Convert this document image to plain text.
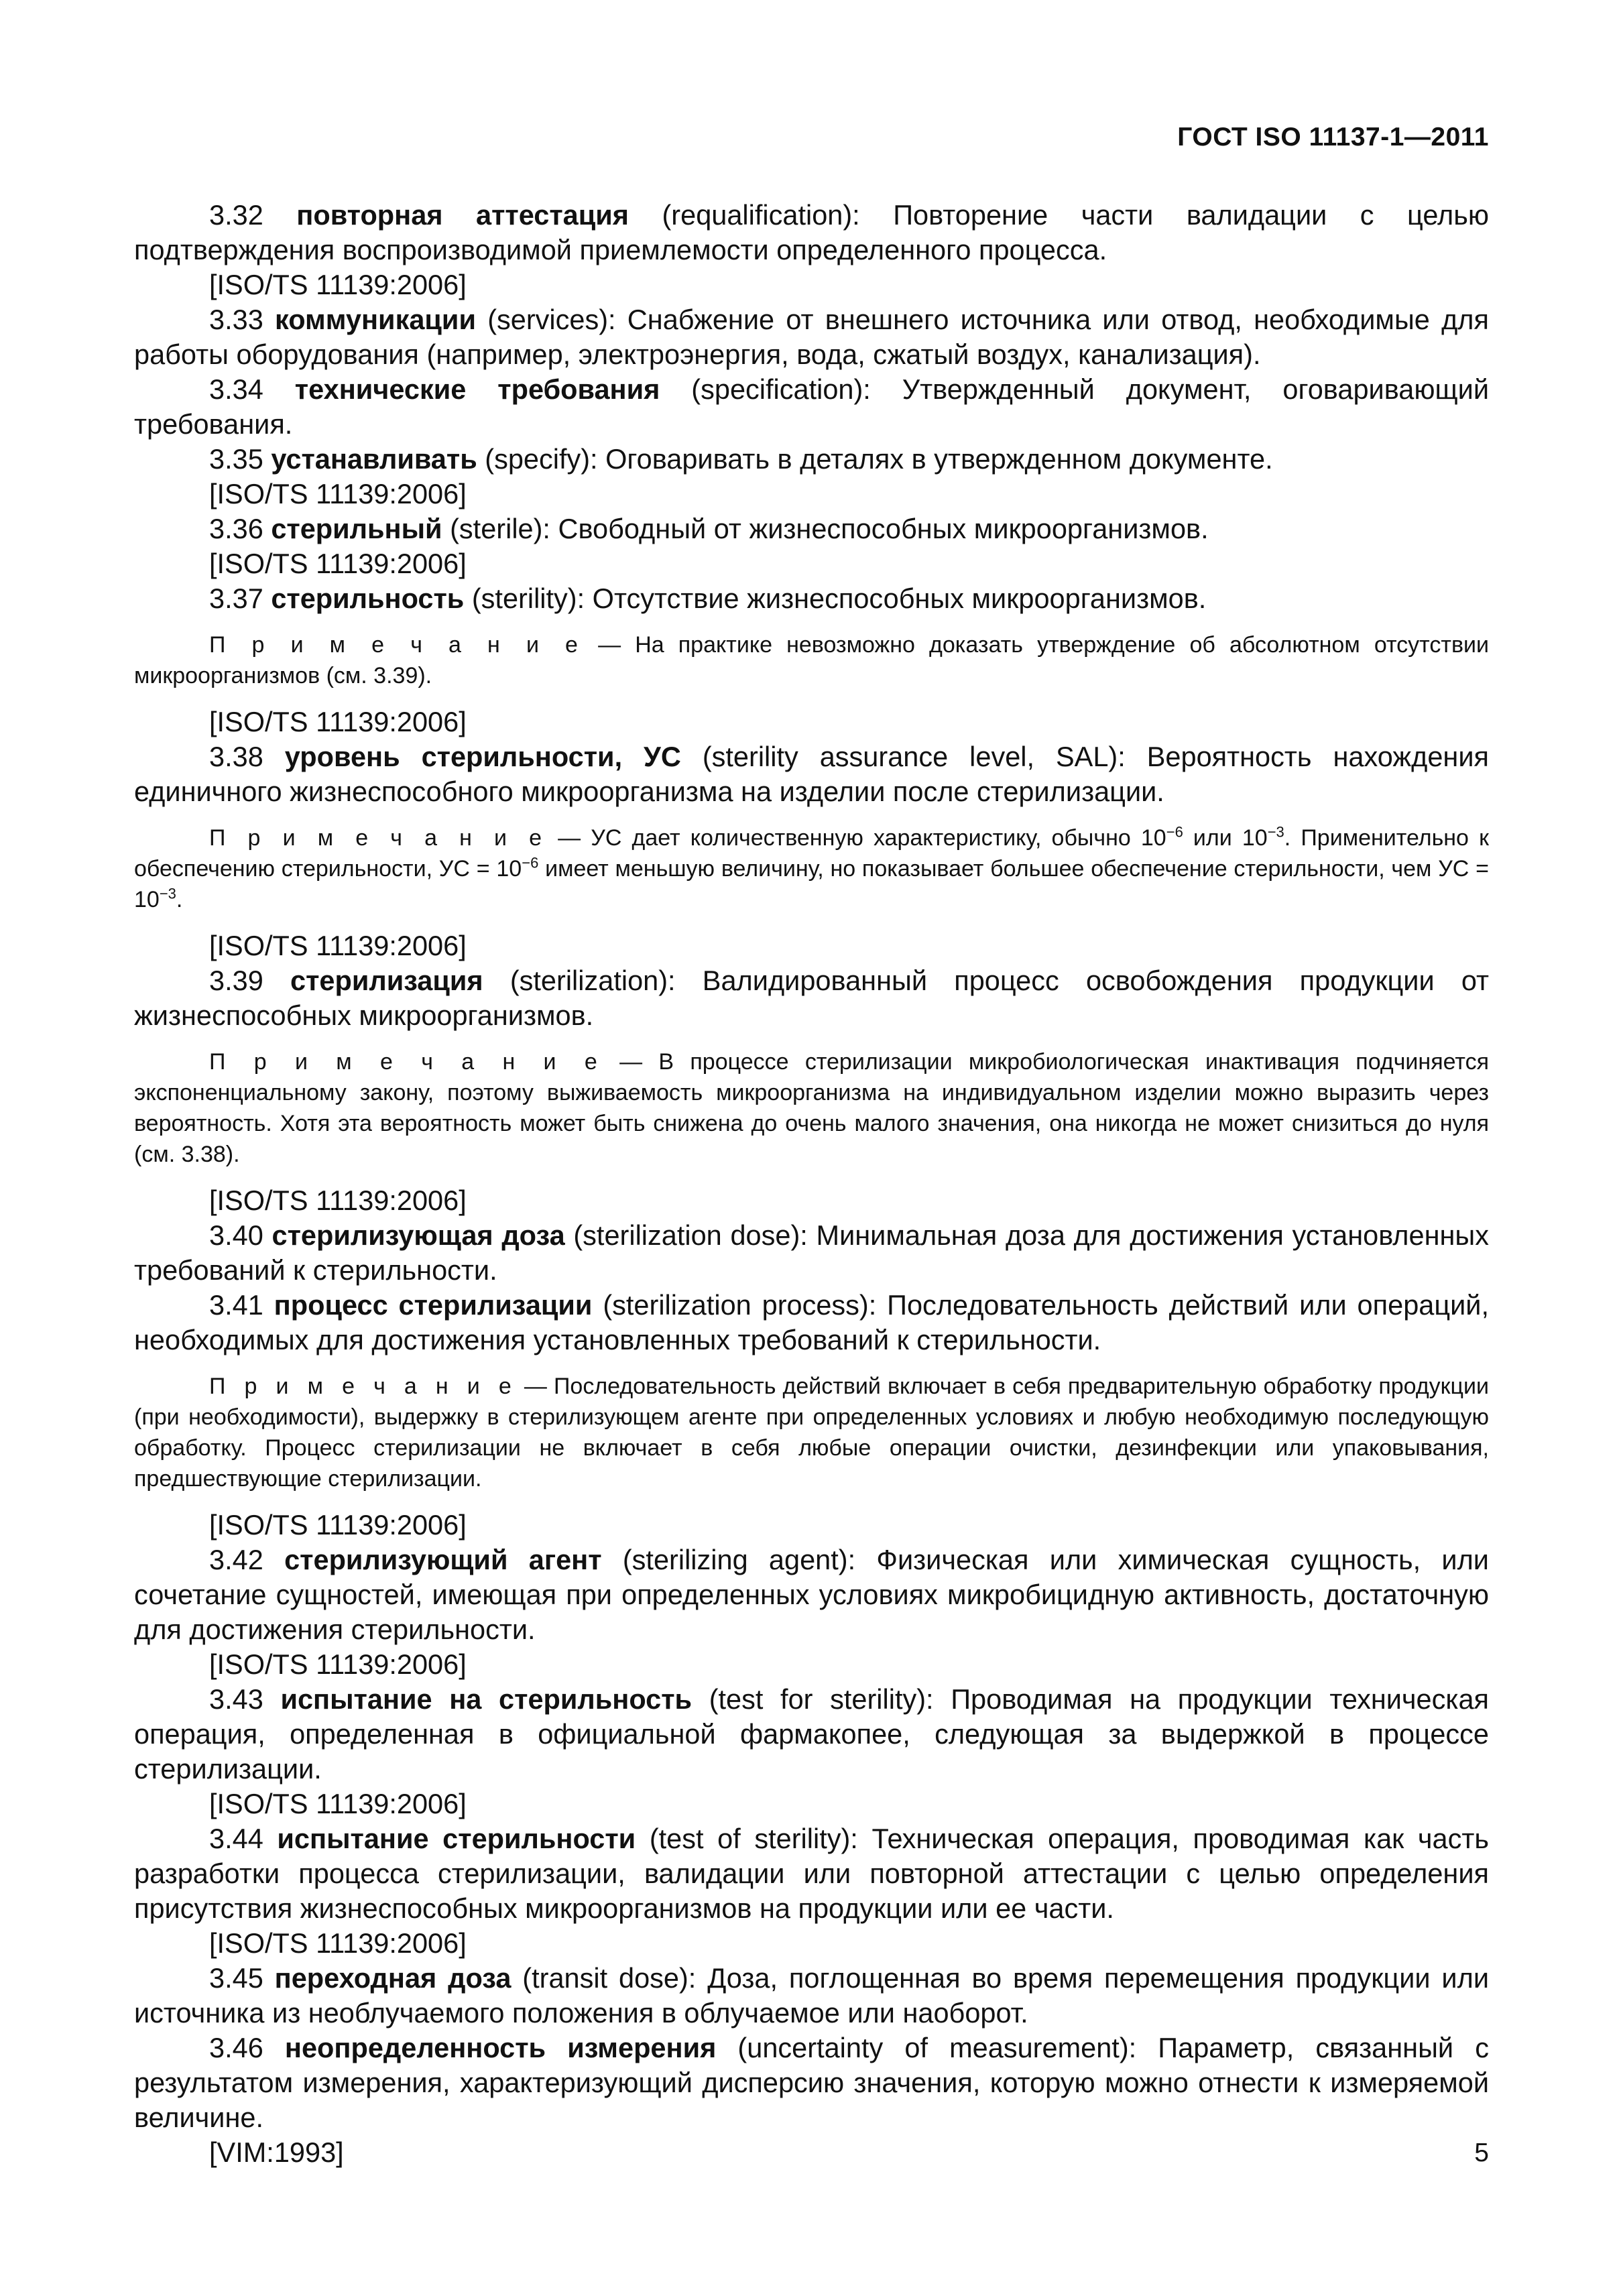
ГОСТ ISO 11137-1—2011

3.32 повторная аттестация (requalification): Повторение части валидации с целью подтверждения воспроизводимой приемлемости определенного процесса.

[ISO/TS 11139:2006]

3.33 коммуникации (services): Снабжение от внешнего источника или отвод, необходимые для работы оборудования (например, электроэнергия, вода, сжатый воздух, канализация).

3.34 технические требования (specification): Утвержденный документ, оговаривающий требования.

3.35 устанавливать (specify): Оговаривать в деталях в утвержденном документе.

[ISO/TS 11139:2006]

3.36 стерильный (sterile): Свободный от жизнеспособных микроорганизмов.

[ISO/TS 11139:2006]

3.37 стерильность (sterility): Отсутствие жизнеспособных микроорганизмов.

П р и м е ч а н и е — На практике невозможно доказать утверждение об абсолютном отсутствии микроорганизмов (см. 3.39).

[ISO/TS 11139:2006]

3.38 уровень стерильности, УС (sterility assurance level, SAL): Вероятность нахождения единичного жизнеспособного микроорганизма на изделии после стерилизации.

П р и м е ч а н и е — УС дает количественную характеристику, обычно $10^{-6}$ или $10^{-3}$. Применительно к обеспечению стерильности, УС = $10^{-6}$ имеет меньшую величину, но показывает большее обеспечение стерильности, чем УС = $10^{-3}$.

[ISO/TS 11139:2006]

3.39 стерилизация (sterilization): Валидированный процесс освобождения продукции от жизнеспособных микроорганизмов.

П р и м е ч а н и е — В процессе стерилизации микробиологическая инактивация подчиняется экспоненциальному закону, поэтому выживаемость микроорганизма на индивидуальном изделии можно выразить через вероятность. Хотя эта вероятность может быть снижена до очень малого значения, она никогда не может снизиться до нуля (см. 3.38).

[ISO/TS 11139:2006]

3.40 стерилизующая доза (sterilization dose): Минимальная доза для достижения установленных требований к стерильности.

3.41 процесс стерилизации (sterilization process): Последовательность действий или операций, необходимых для достижения установленных требований к стерильности.

П р и м е ч а н и е — Последовательность действий включает в себя предварительную обработку продукции (при необходимости), выдержку в стерилизующем агенте при определенных условиях и любую необходимую последующую обработку. Процесс стерилизации не включает в себя любые операции очистки, дезинфекции или упаковывания, предшествующие стерилизации.

[ISO/TS 11139:2006]

3.42 стерилизующий агент (sterilizing agent): Физическая или химическая сущность, или сочетание сущностей, имеющая при определенных условиях микробицидную активность, достаточную для достижения стерильности.

[ISO/TS 11139:2006]

3.43 испытание на стерильность (test for sterility): Проводимая на продукции техническая операция, определенная в официальной фармакопее, следующая за выдержкой в процессе стерилизации.

[ISO/TS 11139:2006]

3.44 испытание стерильности (test of sterility): Техническая операция, проводимая как часть разработки процесса стерилизации, валидации или повторной аттестации с целью определения присутствия жизнеспособных микроорганизмов на продукции или ее части.

[ISO/TS 11139:2006]

3.45 переходная доза (transit dose): Доза, поглощенная во время перемещения продукции или источника из необлучаемого положения в облучаемое или наоборот.

3.46 неопределенность измерения (uncertainty of measurement): Параметр, связанный с результатом измерения, характеризующий дисперсию значения, которую можно отнести к измеряемой величине.

[VIM:1993]	5
